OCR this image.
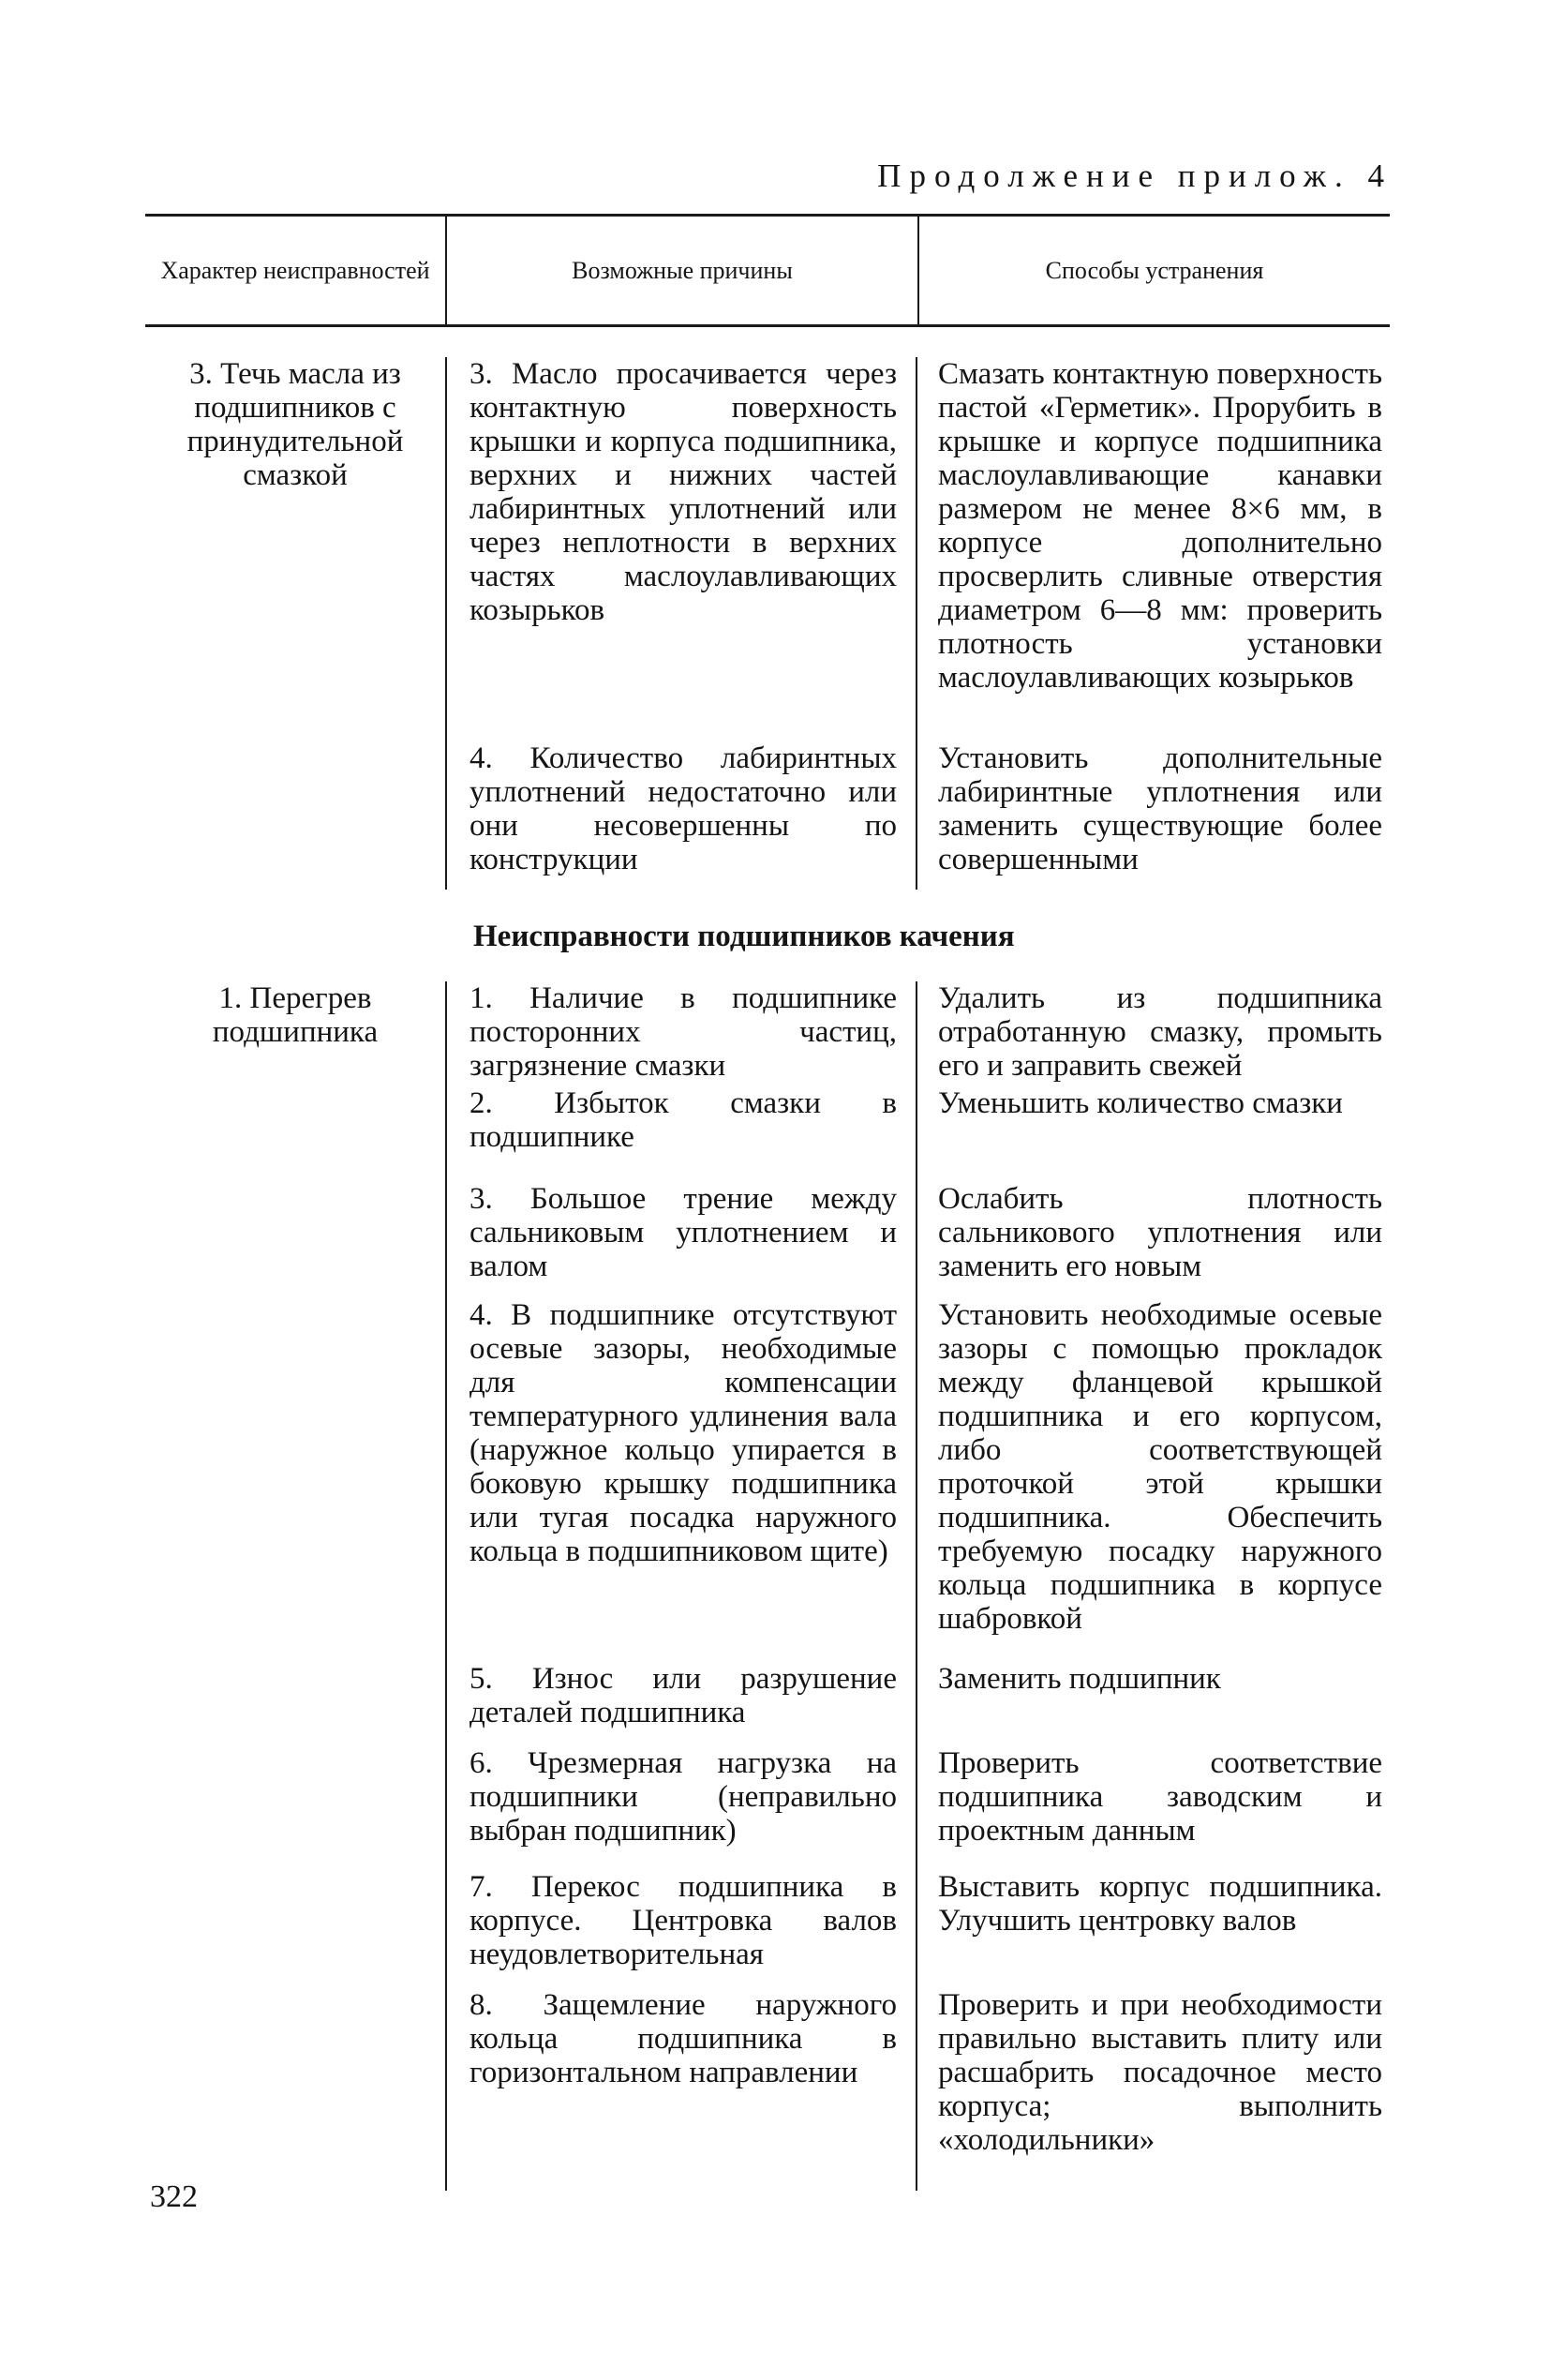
Продолжение прилож. 4
Характер неисправностей	Возможные причины	Способы устранения
3. Течь масла из подшипников с принудительной смазкой
3. Масло просачивается через контактную поверхность крышки и корпуса подшипника, верхних и нижних частей лабиринтных уплотнений или через неплотности в верхних частях маслоулавливающих козырьков
4. Количество лабиринтных уплотнений недостаточно или они несовершенны по конструкции
Смазать контактную поверхность пастой «Герметик». Прорубить в крышке и корпусе подшипника маслоулавливающие канавки размером не менее 8×6 мм, в корпусе дополнительно просверлить сливные отверстия диаметром 6—8 мм: проверить плотность установки маслоулавливающих козырьков
Установить дополнительные лабиринтные уплотнения или заменить существующие более совершенными
Неисправности подшипников качения
1. Перегрев подшипника
1. Наличие в подшипнике посторонних частиц, загрязнение смазки
2. Избыток смазки в подшипнике
3. Большое трение между сальниковым уплотнением и валом
4. В подшипнике отсутствуют осевые зазоры, необходимые для компенсации температурного удлинения вала (наружное кольцо упирается в боковую крышку подшипника или тугая посадка наружного кольца в подшипниковом щите)
5. Износ или разрушение деталей подшипника
6. Чрезмерная нагрузка на подшипники (неправильно выбран подшипник)
7. Перекос подшипника в корпусе. Центровка валов неудовлетворительная
8. Защемление наружного кольца подшипника в горизонтальном направлении
Удалить из подшипника отработанную смазку, промыть его и заправить свежей
Уменьшить количество смазки
Ослабить плотность сальникового уплотнения или заменить его новым
Установить необходимые осевые зазоры с помощью прокладок между фланцевой крышкой подшипника и его корпусом, либо соответствующей проточкой этой крышки подшипника. Обеспечить требуемую посадку наружного кольца подшипника в корпусе шабровкой
Заменить подшипник
Проверить соответствие подшипника заводским и проектным данным
Выставить корпус подшипника. Улучшить центровку валов
Проверить и при необходимости правильно выставить плиту или расшабрить посадочное место корпуса; выполнить «холодильники»
322
